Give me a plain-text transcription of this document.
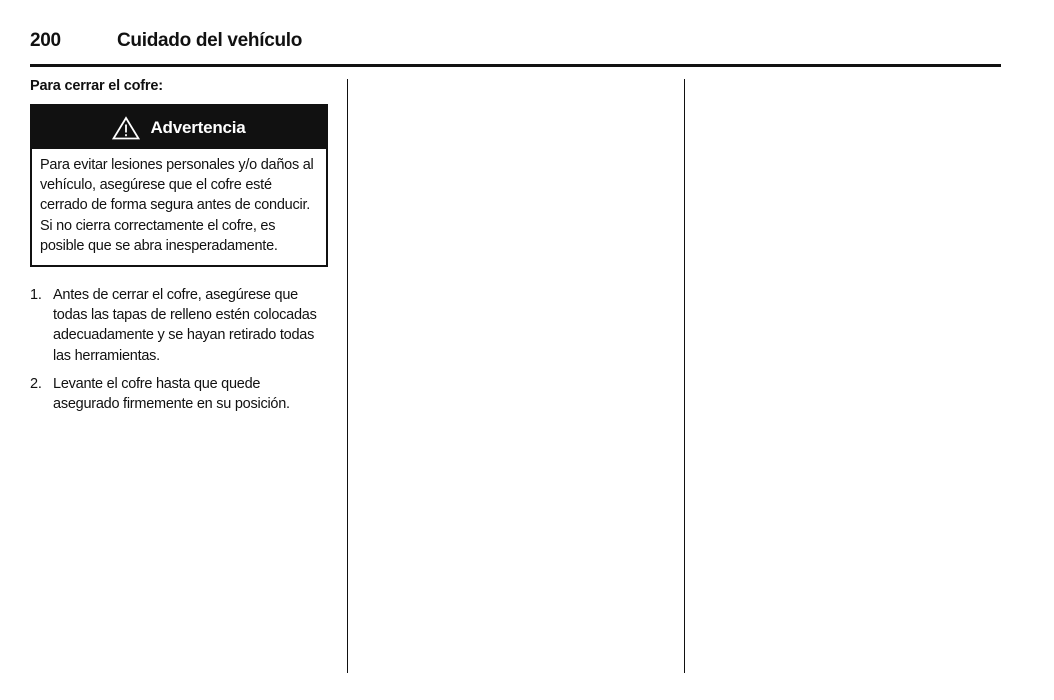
200	Cuidado del vehículo
Para cerrar el cofre:
Advertencia
Para evitar lesiones personales y/o daños al vehículo, asegúrese que el cofre esté cerrado de forma segura antes de conducir. Si no cierra correctamente el cofre, es posible que se abra inesperadamente.
1. Antes de cerrar el cofre, asegúrese que todas las tapas de relleno estén colocadas adecuadamente y se hayan retirado todas las herramientas.
2. Levante el cofre hasta que quede asegurado firmemente en su posición.
